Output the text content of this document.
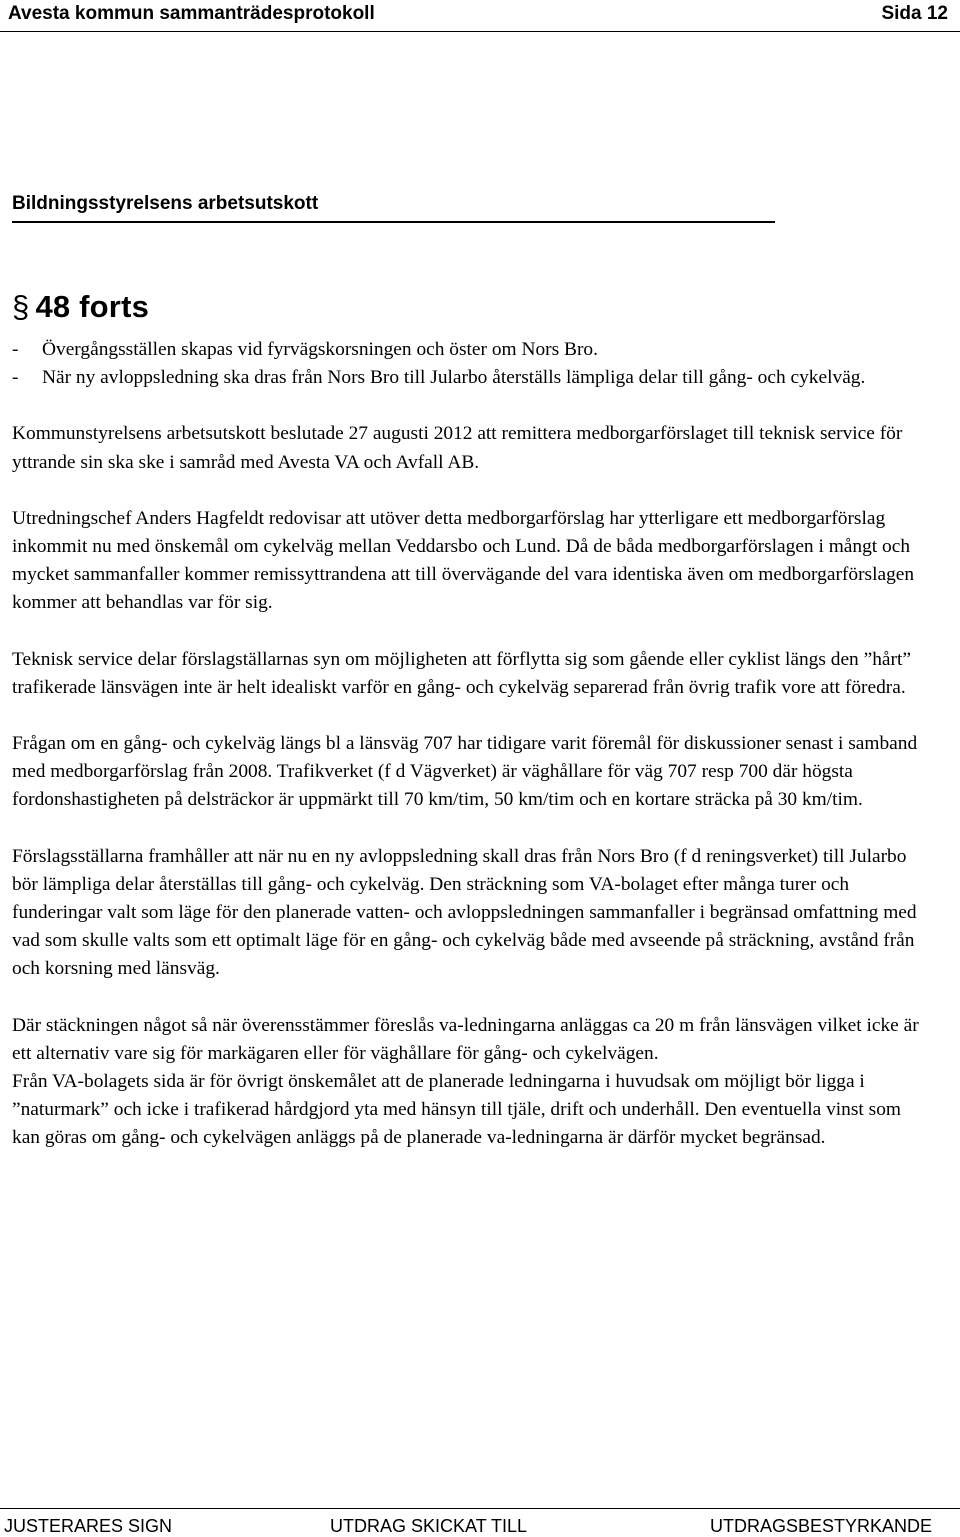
Avesta kommun sammanträdesprotokoll	Sida 12
Bildningsstyrelsens arbetsutskott
§ 48 forts
- Övergångsställen skapas vid fyrvägskorsningen och öster om Nors Bro.
- När ny avloppsledning ska dras från Nors Bro till Jularbo återställs lämpliga delar till gång- och cykelväg.

Kommunstyrelsens arbetsutskott beslutade 27 augusti 2012 att remittera medborgarförslaget till teknisk service för yttrande sin ska ske i samråd med Avesta VA och Avfall AB.

Utredningschef Anders Hagfeldt redovisar att utöver detta medborgarförslag har ytterligare ett medborgarförslag inkommit nu med önskemål om cykelväg mellan Veddarsbo och Lund. Då de båda medborgarförslagen i mångt och mycket sammanfaller kommer remissyttrandena att till övervägande del vara identiska även om medborgarförslagen kommer att behandlas var för sig.

Teknisk service delar förslagställarnas syn om möjligheten att förflytta sig som gående eller cyklist längs den ”hårt” trafikerade länsvägen inte är helt idealiskt varför en gång- och cykelväg separerad från övrig trafik vore att föredra.

Frågan om en gång- och cykelväg längs bl a länsväg 707 har tidigare varit föremål för diskussioner senast i samband med medborgarförslag från 2008. Trafikverket (f d Vägverket) är väghållare för väg 707 resp 700 där högsta fordonshastigheten på delsträckor är uppmärkt till 70 km/tim, 50 km/tim och en kortare sträcka på 30 km/tim.

Förslagsställarna framhåller att när nu en ny avloppsledning skall dras från Nors Bro (f d reningsverket) till Jularbo bör lämpliga delar återställas till gång- och cykelväg. Den sträckning som VA-bolaget efter många turer och funderingar valt som läge för den planerade vatten- och avloppsledningen sammanfaller i begränsad omfattning med vad som skulle valts som ett optimalt läge för en gång- och cykelväg både med avseende på sträckning, avstånd från och korsning med länsväg.

Där stäckningen något så när överensstämmer föreslås va-ledningarna anläggas ca 20 m från länsvägen vilket icke är ett alternativ vare sig för markägaren eller för väghållare för gång- och cykelvägen.

Från VA-bolagets sida är för övrigt önskemålet att de planerade ledningarna i huvudsak om möjligt bör ligga i ”naturmark” och icke i trafikerad hårdgjord yta med hänsyn till tjäle, drift och underhåll. Den eventuella vinst som kan göras om gång- och cykelvägen anläggs på de planerade va-ledningarna är därför mycket begränsad.

JUSTERARES SIGN	UTDRAG SKICKAT TILL	UTDRAGSBESTYRKANDE
